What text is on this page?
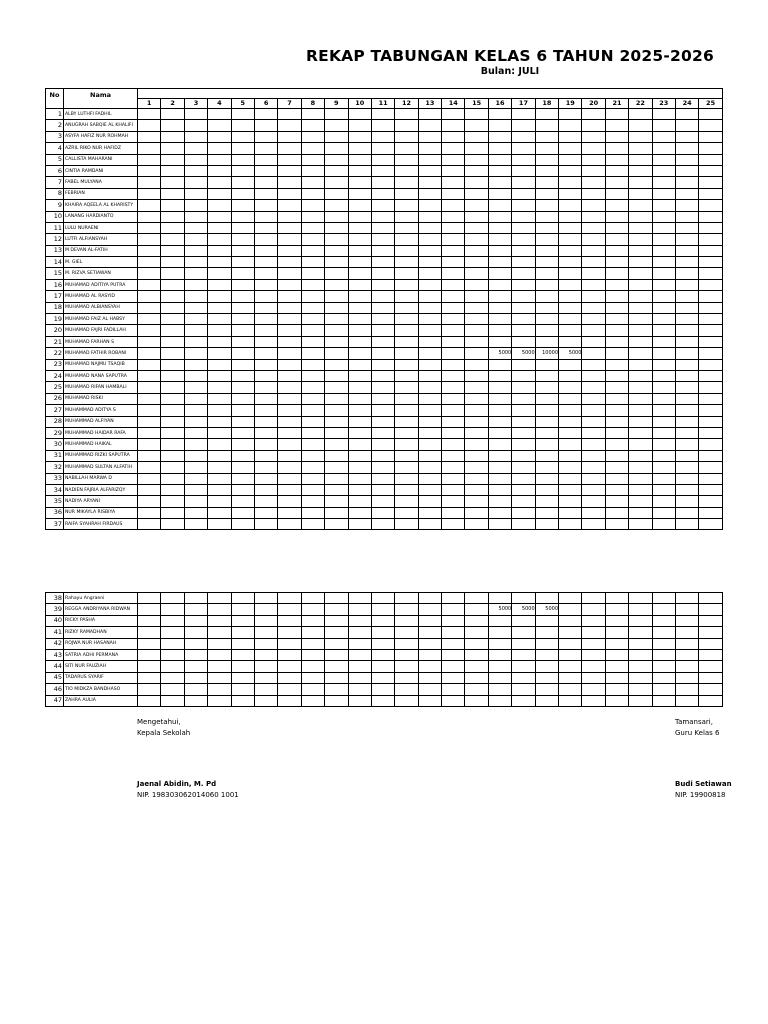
REKAP TABUNGAN KELAS 6 TAHUN 2025-2026
Bulan: JULI
No	Nama																									
		1	2	3	4	5	6	7	8	9	10	11	12	13	14	15	16	17	18	19	20	21	22	23	24	25
1	ALBY LUTHFI FADHIL																									
2	ANUGRAH SABQIE AL KHALIFI																									
3	ASYFA HAFIZ NUR ROHMAH																									
4	AZRIL RIKO NUR HAFIDZ																									
5	CALLISTA MAHARANI																									
6	CINTIA RAMDANI																									
7	FABEL MULYANA																									
8	FEBRIAN																									
9	KHAIRA AQEELA AL KHARISTY																									
10	LANANG HARDIANTO																									
11	LULU NURAENI																									
12	LUTFI ALFIANSYAH																									
13	M DEVAN AL-FATIH																									
14	M. GIEL																									
15	M. RIZVA SETIAWAN																									
16	MUHAMAD ADITIYA PUTRA																									
17	MUHAMAD AL RASYID																									
18	MUHAMAD ALBIANSYAH																									
19	MUHAMAD FAIZ AL HABSY																									
20	MUHAMAD FAJRI FADILLAH																									
21	MUHAMAD FARHAN S																									
22	MUHAMAD FATHIR ROBANI																5000	5000	10000	5000						
23	MUHAMAD NAJMU TSAQIB																									
24	MUHAMAD NANA SAPUTRA																									
25	MUHAMAD RIFAN HAMBALI																									
26	MUHAMAD RISKI																									
27	MUHAMMAD ADITYA S																									
28	MUHAMMAD ALFIYAN																									
29	MUHAMMAD HAIDAR RAFA																									
30	MUHAMMAD HAIKAL																									
31	MUHAMMAD RIZKI SAPUTRA																									
32	MUHAMMAD SULTAN ALFATIH																									
33	NABILLAH MARWA D																									
34	NADIEN FAJRIA ALFARIZQY																									
35	NADIYA ARYANI																									
36	NUR MIKAYLA RISBIYA																									
37	RAIFA SYAHRAH FIRDAUS																									
38	Rahayu Angraeni																									
39	REGGA ANDRIYANA RIDWAN																5000	5000	5000							
40	RICKY PASHA																									
41	RIZKY RAMADHAN																									
42	ROJWA NUR HASANAH																									
43	SATRIA ADHI PERMANA																									
44	SITI NUR FAUZIAH																									
45	TADARUS SYARIF																									
46	TIO MIDKZA BANDHASO																									
47	ZAHRA AULIA																									
Mengetahui,
Kepala Sekolah
Jaenal Abidin, M. Pd
NIP. 198303062014060 1001
Tamansari,
Guru Kelas 6
Budi Setiawan
NIP. 19900818
